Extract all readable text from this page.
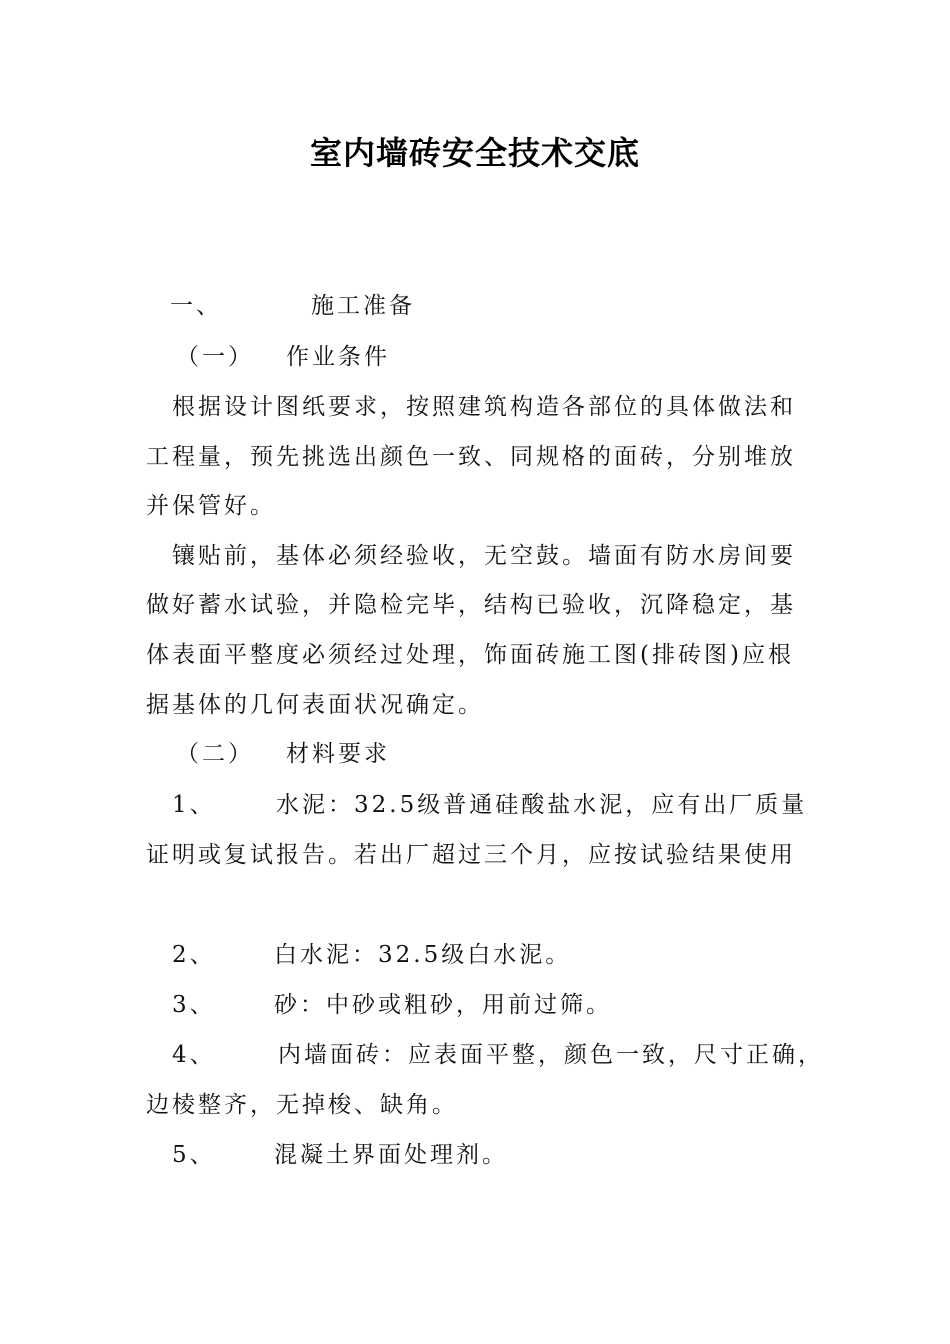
室内墙砖安全技术交底
一、	施工准备
（一） 作业条件
根据设计图纸要求，按照建筑构造各部位的具体做法和
工程量，预先挑选出颜色一致、同规格的面砖，分别堆放
并保管好。
镶贴前，基体必须经验收，无空鼓。墙面有防水房间要
做好蓄水试验，并隐检完毕，结构已验收，沉降稳定，基
体表面平整度必须经过处理，饰面砖施工图(排砖图)应根
据基体的几何表面状况确定。
（二） 材料要求
1、	水泥：32.5级普通硅酸盐水泥，应有出厂质量
证明或复试报告。若出厂超过三个月，应按试验结果使用
2、	白水泥：32.5级白水泥。
3、	砂：中砂或粗砂，用前过筛。
4、	内墙面砖：应表面平整，颜色一致，尺寸正确，
边棱整齐，无掉梭、缺角。
5、	混凝土界面处理剂。
